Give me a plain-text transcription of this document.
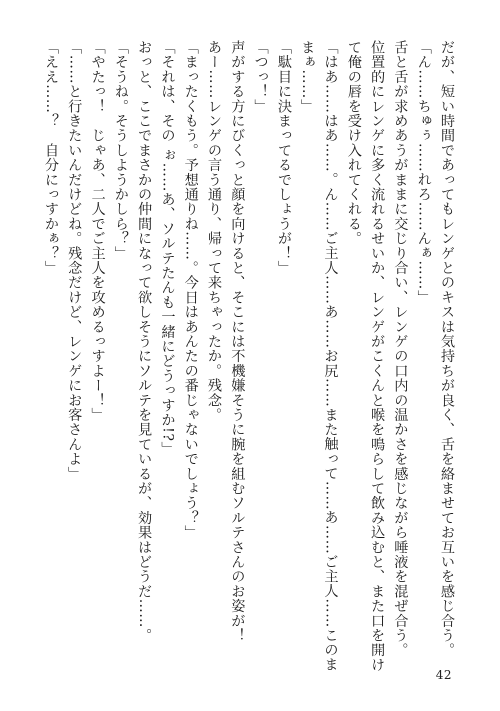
だが、短い時間であってもレンゲとのキスは気持ちが良く、舌を絡ませてお互いを感じ合う。
「ん……ちゅぅ……れろ……んぁ……」
舌と舌が求めあうがままに交じり合い、レンゲの口内の温かさを感じながら唾液を混ぜ合う。
位置的にレンゲに多く流れるせいか、レンゲがこくんと喉を鳴らして飲み込むと、また口を開け
て俺の唇を受け入れてくれる。
「はあ……はあ……。ん……ご主人……あ……お尻……また触って……あ……ご主人……このま
まぁ……」
「駄目に決まってるでしょうが！」
「つっ！」
声がする方にびくっと顔を向けると、そこには不機嫌そうに腕を組むソルテさんのお姿が！
あー……レンゲの言う通り、帰って来ちゃったか。残念。
「まったくもう。予想通りね……。今日はあんたの番じゃないでしょう？」
「それは、その ぉ……あ、ソルテたんも一緒にどうっすか!?」
おっと、ここでまさかの仲間になって欲しそうにソルテを見ているが、効果はどうだ……。
「そうね。そうしようかしら？」
「やたっ！　じゃあ、二人でご主人を攻めるっすよー！」
「……と行きたいんだけどね。残念だけど、レンゲにお客さんよ」
「ええ……？　自分にっすかぁ？」
42
